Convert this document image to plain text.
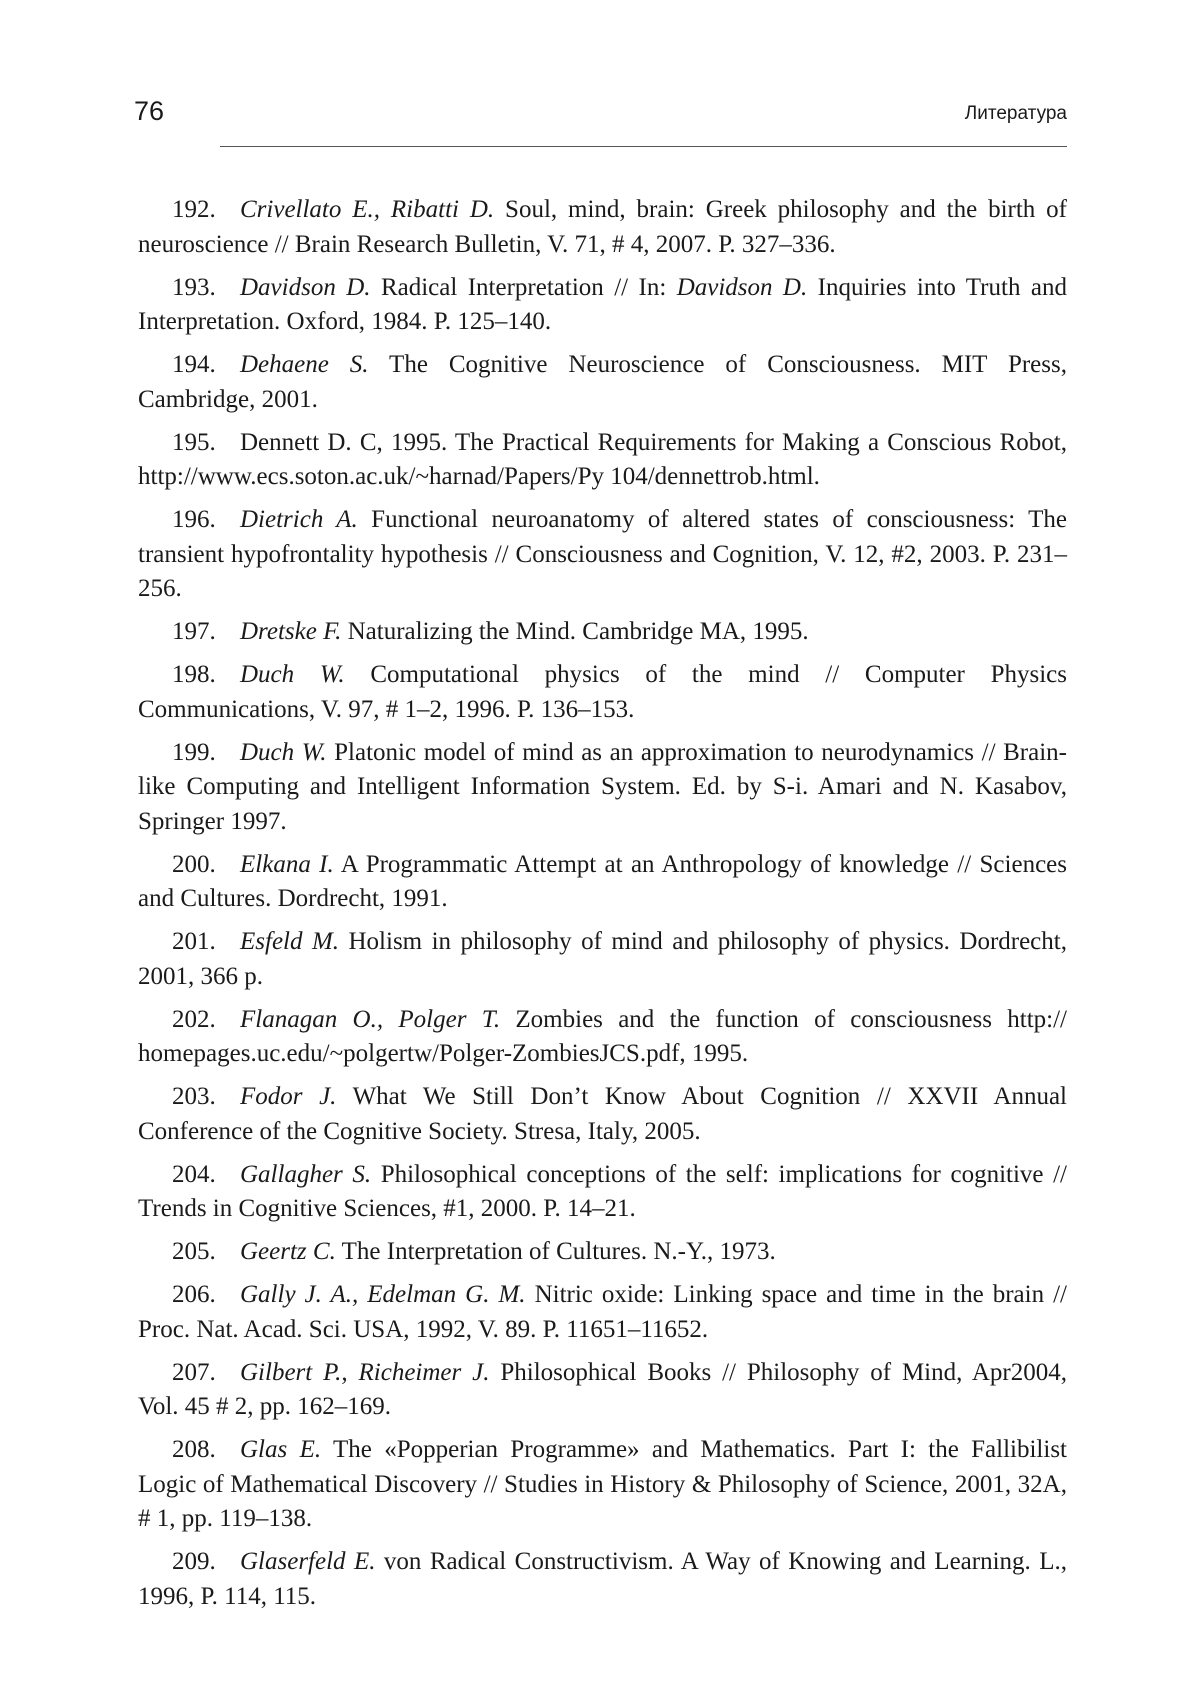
76	Литература

192. Crivellato E., Ribatti D. Soul, mind, brain: Greek philosophy and the birth of neuroscience // Brain Research Bulletin, V. 71, # 4, 2007. P. 327–336.

193. Davidson D. Radical Interpretation // In: Davidson D. Inquiries into Truth and Interpretation. Oxford, 1984. P. 125–140.

194. Dehaene S. The Cognitive Neuroscience of Consciousness. MIT Press, Cambridge, 2001.

195. Dennett D. C, 1995. The Practical Requirements for Making a Conscious Robot, http://www.ecs.soton.ac.uk/~harnad/Papers/Py 104/dennettrob.html.

196. Dietrich A. Functional neuroanatomy of altered states of consciousness: The transient hypofrontality hypothesis // Consciousness and Cognition, V. 12, #2, 2003. P. 231–256.

197. Dretske F. Naturalizing the Mind. Cambridge MA, 1995.

198. Duch W. Computational physics of the mind // Computer Physics Communications, V. 97, # 1–2, 1996. P. 136–153.

199. Duch W. Platonic model of mind as an approximation to neurodynamics // Brain-like Computing and Intelligent Information System. Ed. by S-i. Amari and N. Kasabov, Springer 1997.

200. Elkana I. A Programmatic Attempt at an Anthropology of knowledge // Sciences and Cultures. Dordrecht, 1991.

201. Esfeld M. Holism in philosophy of mind and philosophy of physics. Dordrecht, 2001, 366 p.

202. Flanagan O., Polger T. Zombies and the function of consciousness http:// homepages.uc.edu/~polgertw/Polger-ZombiesJCS.pdf, 1995.

203. Fodor J. What We Still Don’t Know About Cognition // XXVII Annual Conference of the Cognitive Society. Stresa, Italy, 2005.

204. Gallagher S. Philosophical conceptions of the self: implications for cognitive // Trends in Cognitive Sciences, #1, 2000. P. 14–21.

205. Geertz C. The Interpretation of Cultures. N.-Y., 1973.

206. Gally J. A., Edelman G. M. Nitric oxide: Linking space and time in the brain // Proc. Nat. Acad. Sci. USA, 1992, V. 89. P. 11651–11652.

207. Gilbert P., Richeimer J. Philosophical Books // Philosophy of Mind, Apr2004, Vol. 45 # 2, pp. 162–169.

208. Glas E. The «Popperian Programme» and Mathematics. Part I: the Fallibilist Logic of Mathematical Discovery // Studies in History & Philosophy of Science, 2001, 32A, # 1, pp. 119–138.

209. Glaserfeld E. von Radical Constructivism. A Way of Knowing and Learning. L., 1996, P. 114, 115.
